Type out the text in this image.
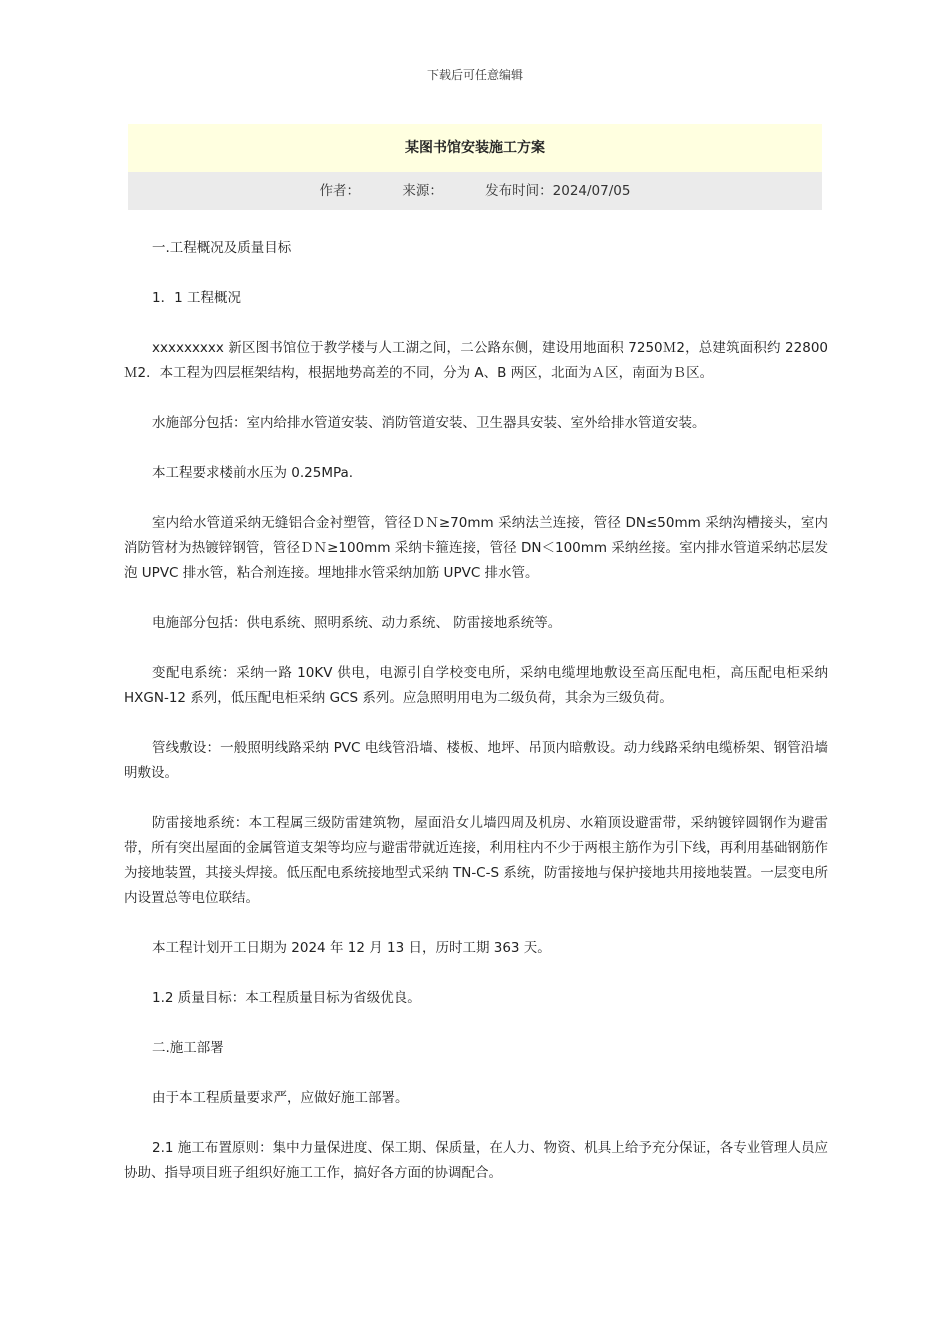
下载后可任意编辑
某图书馆安装施工方案
作者：	来源：	发布时间：2024/07/05

一.工程概况及质量目标

1．1 工程概况

xxxxxxxxx 新区图书馆位于教学楼与人工湖之间，二公路东侧，建设用地面积 7250Ｍ2，总建筑面积约 22800Ｍ2．本工程为四层框架结构，根据地势高差的不同，分为 A、B 两区，北面为Ａ区，南面为Ｂ区。

水施部分包括：室内给排水管道安装、消防管道安装、卫生器具安装、室外给排水管道安装。

本工程要求楼前水压为 0.25MPa.

室内给水管道采纳无缝铝合金衬塑管，管径ＤＮ≥70mm 采纳法兰连接，管径 DN≤50mm 采纳沟槽接头，室内消防管材为热镀锌钢管，管径ＤＮ≥100mm 采纳卡箍连接，管径 DN＜100mm 采纳丝接。室内排水管道采纳芯层发泡 UPVC 排水管，粘合剂连接。埋地排水管采纳加筋 UPVC 排水管。

电施部分包括：供电系统、照明系统、动力系统、 防雷接地系统等。

变配电系统：采纳一路 10KV 供电，电源引自学校变电所，采纳电缆埋地敷设至高压配电柜，高压配电柜采纳 HXGN-12 系列，低压配电柜采纳 GCS 系列。应急照明用电为二级负荷，其余为三级负荷。

管线敷设：一般照明线路采纳 PVC 电线管沿墙、楼板、地坪、吊顶内暗敷设。动力线路采纳电缆桥架、钢管沿墙明敷设。

防雷接地系统：本工程属三级防雷建筑物，屋面沿女儿墙四周及机房、水箱顶设避雷带，采纳镀锌圆钢作为避雷带，所有突出屋面的金属管道支架等均应与避雷带就近连接，利用柱内不少于两根主筋作为引下线，再利用基础钢筋作为接地装置，其接头焊接。低压配电系统接地型式采纳 TN-C-S 系统，防雷接地与保护接地共用接地装置。一层变电所内设置总等电位联结。

本工程计划开工日期为 2024 年 12 月 13 日，历时工期 363 天。

1.2 质量目标：本工程质量目标为省级优良。

二.施工部署

由于本工程质量要求严，应做好施工部署。

2.1 施工布置原则：集中力量保进度、保工期、保质量，在人力、物资、机具上给予充分保证，各专业管理人员应协助、指导项目班子组织好施工工作，搞好各方面的协调配合。
